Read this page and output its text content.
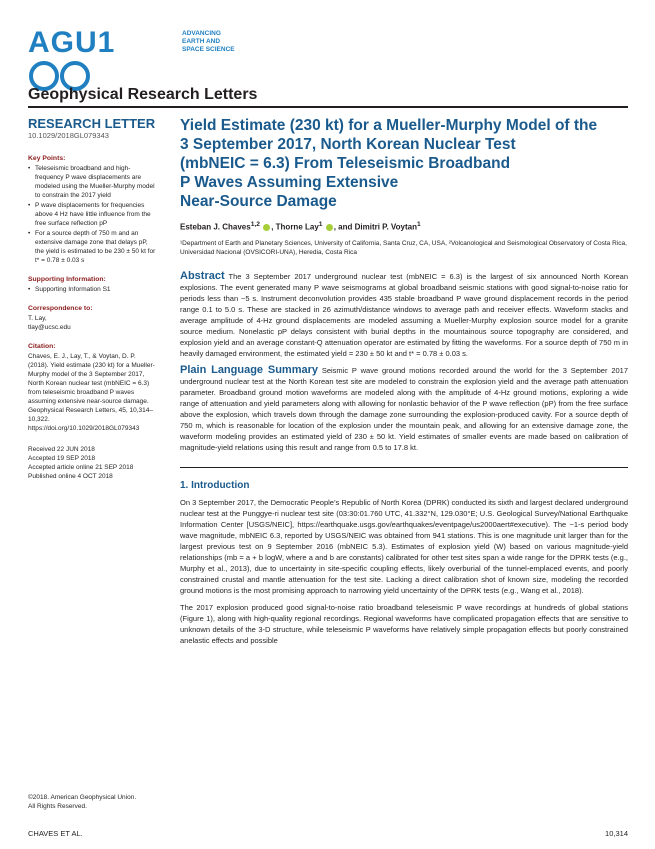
AGU1	ADVANCING
EARTH AND
SPACE SCIENCE
Geophysical Research Letters
RESEARCH LETTER
10.1029/2018GL079343
Key Points:
• Teleseismic broadband and high-frequency P wave displacements are modeled using the Mueller-Murphy model to constrain the 2017 yield
• P wave displacements for frequencies above 4 Hz have little influence from the free surface reflection pP
• For a source depth of 750 m and an extensive damage zone that delays pP, the yield is estimated to be 230 ± 50 kt for t* = 0.78 ± 0.03 s
Supporting Information:
• Supporting Information S1
Correspondence to:

T. Lay,

tlay@ucsc.edu

Citation:

Chaves, E. J., Lay, T., & Voytan, D. P. (2018). Yield estimate (230 kt) for a Mueller-Murphy model of the 3 September 2017, North Korean nuclear test (mbNEIC = 6.3) from teleseismic broadband P waves assuming extensive near-source damage. Geophysical Research Letters, 45, 10,314–10,322. https://doi.org/10.1029/2018GL079343

Received 22 JUN 2018

Accepted 19 SEP 2018

Accepted article online 21 SEP 2018

Published online 4 OCT 2018

©2018. American Geophysical Union.
All Rights Reserved.
Yield Estimate (230 kt) for a Mueller-Murphy Model of the
3 September 2017, North Korean Nuclear Test
(mbNEIC = 6.3) From Teleseismic Broadband
P Waves Assuming Extensive
Near-Source Damage
Esteban J. Chaves$^{1,2}$ , Thorne Lay$^1$ , and Dimitri P. Voytan$^1$
¹Department of Earth and Planetary Sciences, University of California, Santa Cruz, CA, USA, ²Volcanological and Seismological Observatory of Costa Rica, Universidad Nacional (OVSICORI-UNA), Heredia, Costa Rica
Abstract The 3 September 2017 underground nuclear test (mbNEIC = 6.3) is the largest of six announced North Korean explosions. The event generated many P wave seismograms at global broadband seismic stations with good signal-to-noise ratio for periods less than ~5 s. Instrument deconvolution provides 435 stable broadband P wave ground displacement records in the period range 0.1 to 5.0 s. These are stacked in 26 azimuth/distance windows to average path and receiver effects. Waveform stacks and average amplitude of 4-Hz ground displacements are modeled assuming a Mueller-Murphy explosion source model for a granite source medium. Nonelastic pP delays consistent with burial depths in the mountainous source topography are considered, and explosion yield and an average constant-Q attenuation operator are estimated by fitting the waveforms. For a source depth of 750 m in heavily damaged environment, the estimated yield = 230 ± 50 kt and t* = 0.78 ± 0.03 s.
Plain Language Summary Seismic P wave ground motions recorded around the world for the 3 September 2017 underground nuclear test at the North Korean test site are modeled to constrain the explosion yield and the average path attenuation parameter. Broadband ground motion waveforms are modeled along with the amplitude of 4-Hz ground motions, exploring a wide range of attenuation and yield parameters along with allowing for nonlastic behavior of the P wave reflection (pP) from the free surface above the explosion, which travels down through the damage zone surrounding the explosion-produced cavity. For a source depth of 750 m, which is reasonable for location of the explosion under the mountain peak, and allowing for an extensive damage zone, the waveform modeling provides an estimated yield of 230 ± 50 kt. Yield estimates of smaller events are made based on calibration of magnitude-yield relations using this result and range from 0.5 to 17.8 kt.
1. Introduction
On 3 September 2017, the Democratic People’s Republic of North Korea (DPRK) conducted its sixth and largest declared underground nuclear test at the Punggye-ri nuclear test site (03:30:01.760 UTC, 41.332°N, 129.030°E; U.S. Geological Survey/National Earthquake Information Center [USGS/NEIC], https://earthquake.usgs.gov/earthquakes/eventpage/us2000aert#executive). The ~1-s period body wave magnitude, mbNEIC 6.3, reported by USGS/NEIC was obtained from 941 stations. This is one magnitude unit larger than for the largest previous test on 9 September 2016 (mbNEIC 5.3). Estimates of explosion yield (W) based on various magnitude-yield relationships (mb = a + b logW, where a and b are constants) calibrated for other test sites span a wide range for the DPRK tests (e.g., Murphy et al., 2013), due to uncertainty in site-specific coupling effects, likely overburial of the tunnel-emplaced events, and poorly constrained crustal and mantle attenuation for the test site. Lacking a direct calibration shot of known size, modeling the recorded ground motions is the most promising approach to narrowing yield uncertainty of the DPRK tests (e.g., Wang et al., 2018).
The 2017 explosion produced good signal-to-noise ratio broadband teleseismic P wave recordings at hundreds of global stations (Figure 1), along with high-quality regional recordings. Regional waveforms have complicated propagation effects that are sensitive to unknown details of the 3-D structure, while teleseismic P waveforms have relatively simple propagation effects but poorly constrained anelastic effects and possible
CHAVES ET AL.	10,314
